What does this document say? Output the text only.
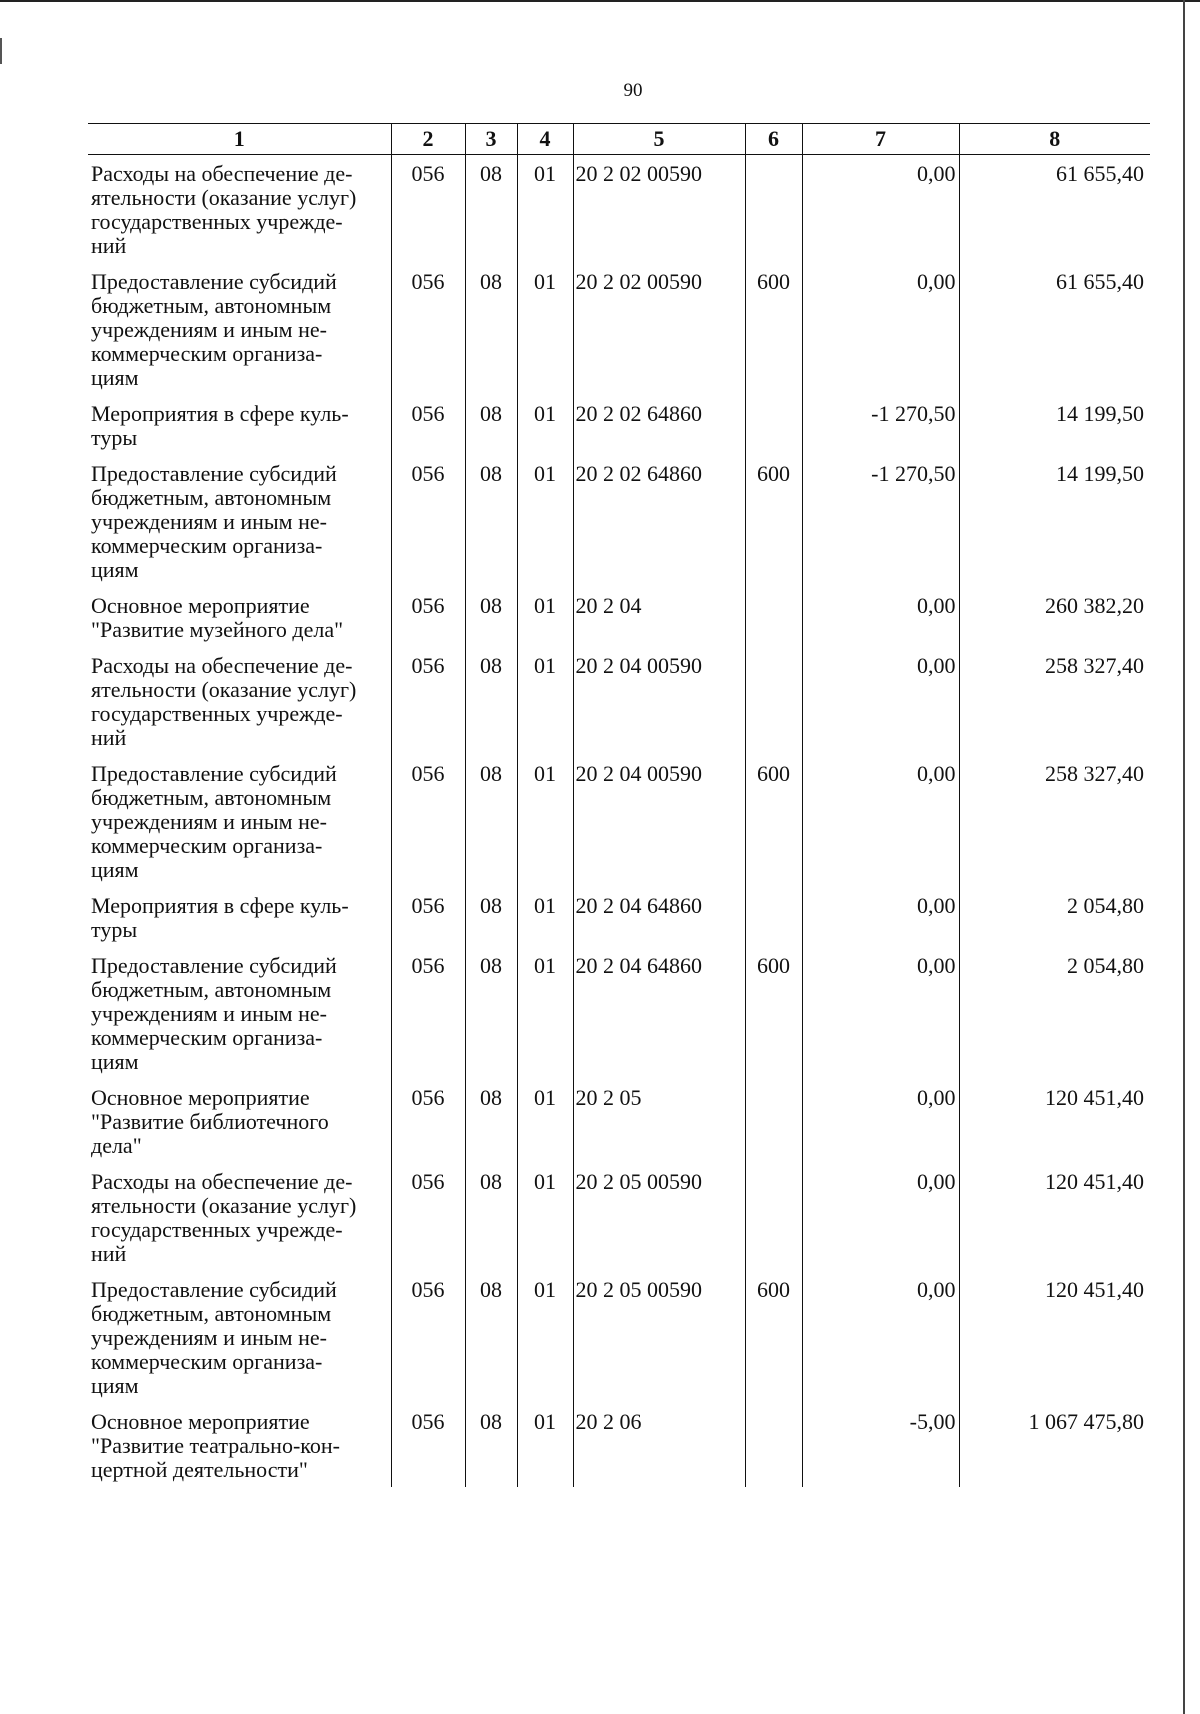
90
1	2	3	4	5	6	7	8

Расходы на обеспечение де-
ятельности (оказание услуг)
государственных учрежде-
ний	056	08	01	20 2 02 00590		0,00	61 655,40

Предоставление субсидий
бюджетным, автономным
учреждениям и иным не-
коммерческим организа-
циям	056	08	01	20 2 02 00590	600	0,00	61 655,40

Мероприятия в сфере куль-
туры	056	08	01	20 2 02 64860		-1 270,50	14 199,50

Предоставление субсидий
бюджетным, автономным
учреждениям и иным не-
коммерческим организа-
циям	056	08	01	20 2 02 64860	600	-1 270,50	14 199,50

Основное мероприятие
"Развитие музейного дела"	056	08	01	20 2 04		0,00	260 382,20

Расходы на обеспечение де-
ятельности (оказание услуг)
государственных учрежде-
ний	056	08	01	20 2 04 00590		0,00	258 327,40

Предоставление субсидий
бюджетным, автономным
учреждениям и иным не-
коммерческим организа-
циям	056	08	01	20 2 04 00590	600	0,00	258 327,40

Мероприятия в сфере куль-
туры	056	08	01	20 2 04 64860		0,00	2 054,80

Предоставление субсидий
бюджетным, автономным
учреждениям и иным не-
коммерческим организа-
циям	056	08	01	20 2 04 64860	600	0,00	2 054,80

Основное мероприятие
"Развитие библиотечного
дела"	056	08	01	20 2 05		0,00	120 451,40

Расходы на обеспечение де-
ятельности (оказание услуг)
государственных учрежде-
ний	056	08	01	20 2 05 00590		0,00	120 451,40

Предоставление субсидий
бюджетным, автономным
учреждениям и иным не-
коммерческим организа-
циям	056	08	01	20 2 05 00590	600	0,00	120 451,40

Основное мероприятие
"Развитие театрально-кон-
цертной деятельности"	056	08	01	20 2 06		-5,00	1 067 475,80
